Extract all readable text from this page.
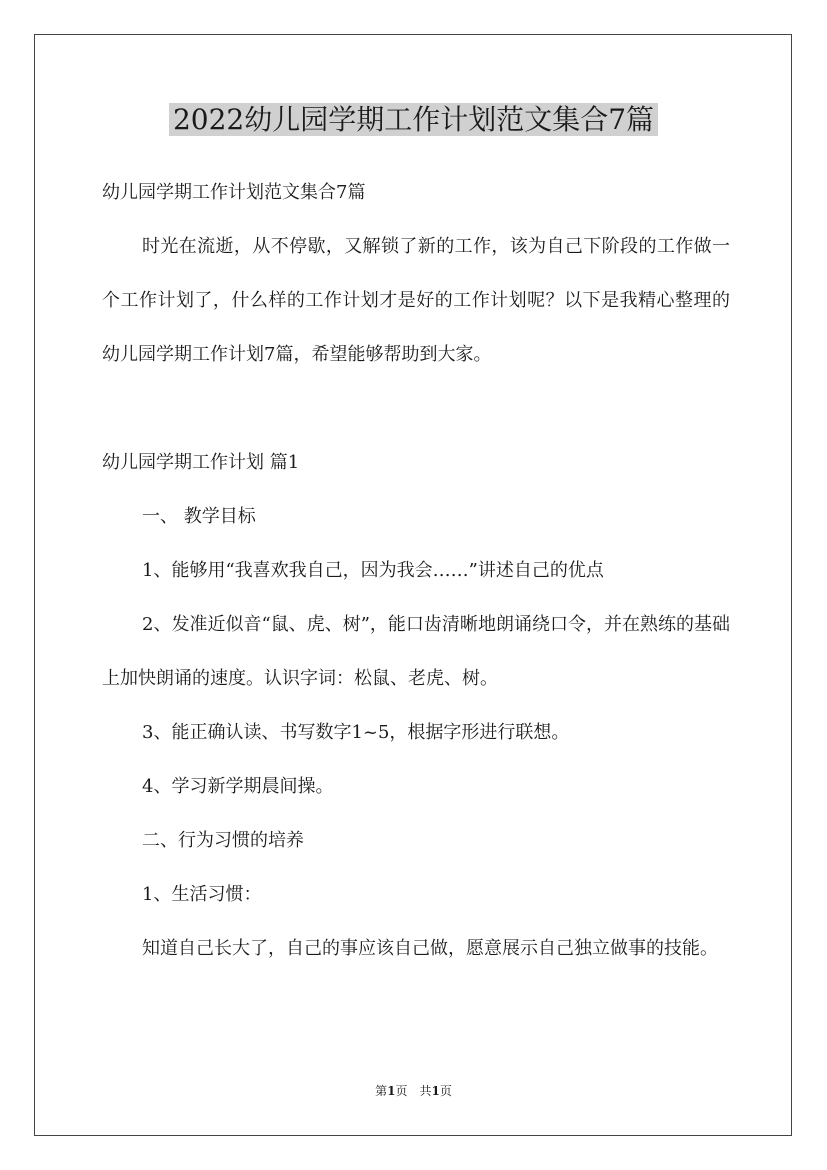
2022幼儿园学期工作计划范文集合7篇

幼儿园学期工作计划范文集合7篇

时光在流逝，从不停歇，又解锁了新的工作，该为自己下阶段的工作做一个工作计划了，什么样的工作计划才是好的工作计划呢？以下是我精心整理的幼儿园学期工作计划7篇，希望能够帮助到大家。

幼儿园学期工作计划 篇1

一、 教学目标

1、能够用“我喜欢我自己，因为我会……”讲述自己的优点

2、发准近似音“鼠、虎、树”，能口齿清晰地朗诵绕口令，并在熟练的基础上加快朗诵的速度。认识字词：松鼠、老虎、树。

3、能正确认读、书写数字1~5，根据字形进行联想。

4、学习新学期晨间操。

二、行为习惯的培养

1、生活习惯：

知道自己长大了，自己的事应该自己做，愿意展示自己独立做事的技能。

第1页　共1页
